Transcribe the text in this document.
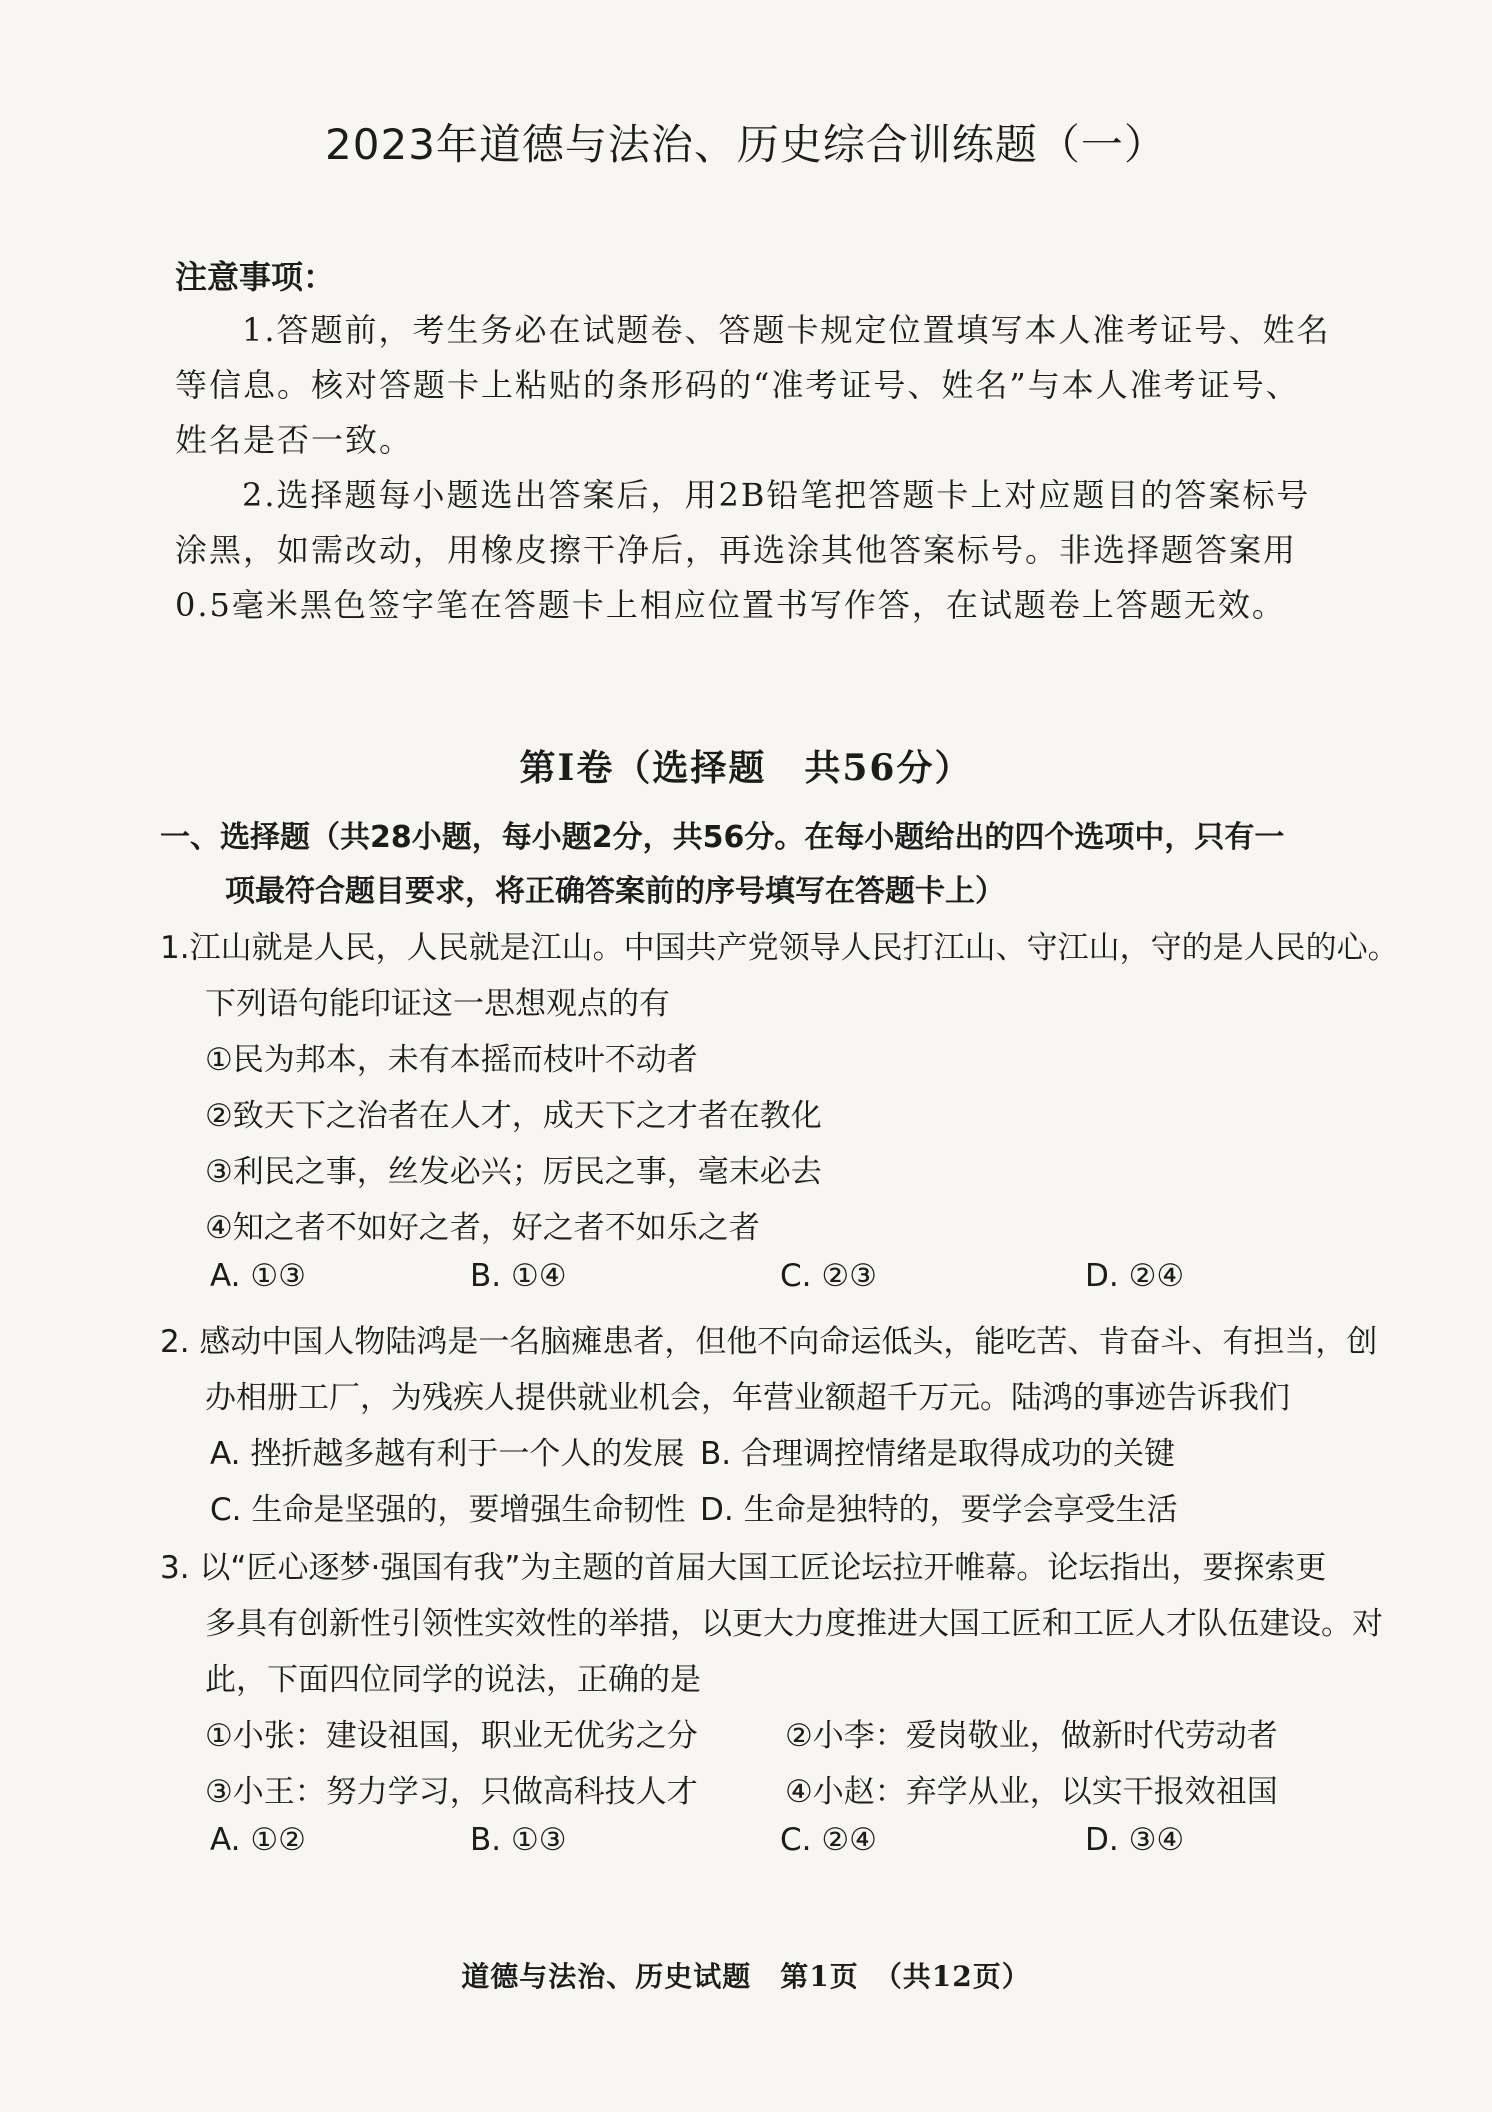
2023年道德与法治、历史综合训练题（一）
注意事项：
1.答题前，考生务必在试题卷、答题卡规定位置填写本人准考证号、姓名
等信息。核对答题卡上粘贴的条形码的“准考证号、姓名”与本人准考证号、
姓名是否一致。
2.选择题每小题选出答案后，用2B铅笔把答题卡上对应题目的答案标号
涂黑，如需改动，用橡皮擦干净后，再选涂其他答案标号。非选择题答案用
0.5毫米黑色签字笔在答题卡上相应位置书写作答，在试题卷上答题无效。
第Ⅰ卷（选择题　共56分）
一、选择题（共28小题，每小题2分，共56分。在每小题给出的四个选项中，只有一
项最符合题目要求，将正确答案前的序号填写在答题卡上）
1.江山就是人民，人民就是江山。中国共产党领导人民打江山、守江山，守的是人民的心。
下列语句能印证这一思想观点的有
①民为邦本，未有本摇而枝叶不动者
②致天下之治者在人才，成天下之才者在教化
③利民之事，丝发必兴；厉民之事，毫末必去
④知之者不如好之者，好之者不如乐之者
A. ①③	B. ①④	C. ②③	D. ②④
2. 感动中国人物陆鸿是一名脑瘫患者，但他不向命运低头，能吃苦、肯奋斗、有担当，创
办相册工厂，为残疾人提供就业机会，年营业额超千万元。陆鸿的事迹告诉我们
A. 挫折越多越有利于一个人的发展 B. 合理调控情绪是取得成功的关键
C. 生命是坚强的，要增强生命韧性 D. 生命是独特的，要学会享受生活
3. 以“匠心逐梦·强国有我”为主题的首届大国工匠论坛拉开帷幕。论坛指出，要探索更
多具有创新性引领性实效性的举措，以更大力度推进大国工匠和工匠人才队伍建设。对
此，下面四位同学的说法，正确的是
①小张：建设祖国，职业无优劣之分	②小李：爱岗敬业，做新时代劳动者
③小王：努力学习，只做高科技人才	④小赵：弃学从业，以实干报效祖国
A. ①②	B. ①③	C. ②④	D. ③④
道德与法治、历史试题　第1页　（共12页）
